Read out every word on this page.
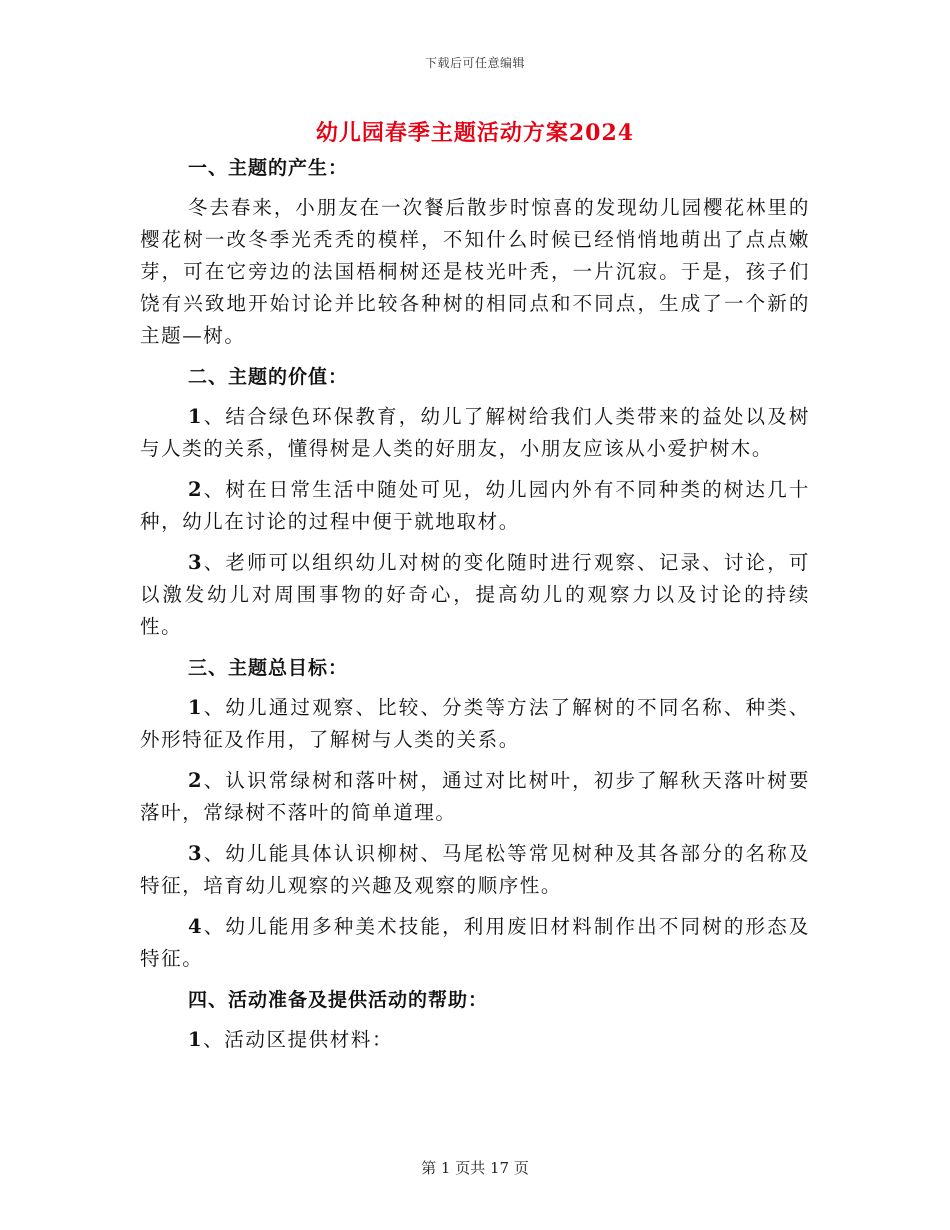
下载后可任意编辑
幼儿园春季主题活动方案2024

一、主题的产生：

冬去春来，小朋友在一次餐后散步时惊喜的发现幼儿园樱花林里的樱花树一改冬季光秃秃的模样，不知什么时候已经悄悄地萌出了点点嫩芽，可在它旁边的法国梧桐树还是枝光叶秃，一片沉寂。于是，孩子们饶有兴致地开始讨论并比较各种树的相同点和不同点，生成了一个新的主题—树。

二、主题的价值：

1、结合绿色环保教育，幼儿了解树给我们人类带来的益处以及树与人类的关系，懂得树是人类的好朋友，小朋友应该从小爱护树木。

2、树在日常生活中随处可见，幼儿园内外有不同种类的树达几十种，幼儿在讨论的过程中便于就地取材。

3、老师可以组织幼儿对树的变化随时进行观察、记录、讨论，可以激发幼儿对周围事物的好奇心，提高幼儿的观察力以及讨论的持续性。

三、主题总目标：

1、幼儿通过观察、比较、分类等方法了解树的不同名称、种类、外形特征及作用，了解树与人类的关系。

2、认识常绿树和落叶树，通过对比树叶，初步了解秋天落叶树要落叶，常绿树不落叶的简单道理。

3、幼儿能具体认识柳树、马尾松等常见树种及其各部分的名称及特征，培育幼儿观察的兴趣及观察的顺序性。

4、幼儿能用多种美术技能，利用废旧材料制作出不同树的形态及特征。

四、活动准备及提供活动的帮助：

1、活动区提供材料：

第 1 页共 17 页
